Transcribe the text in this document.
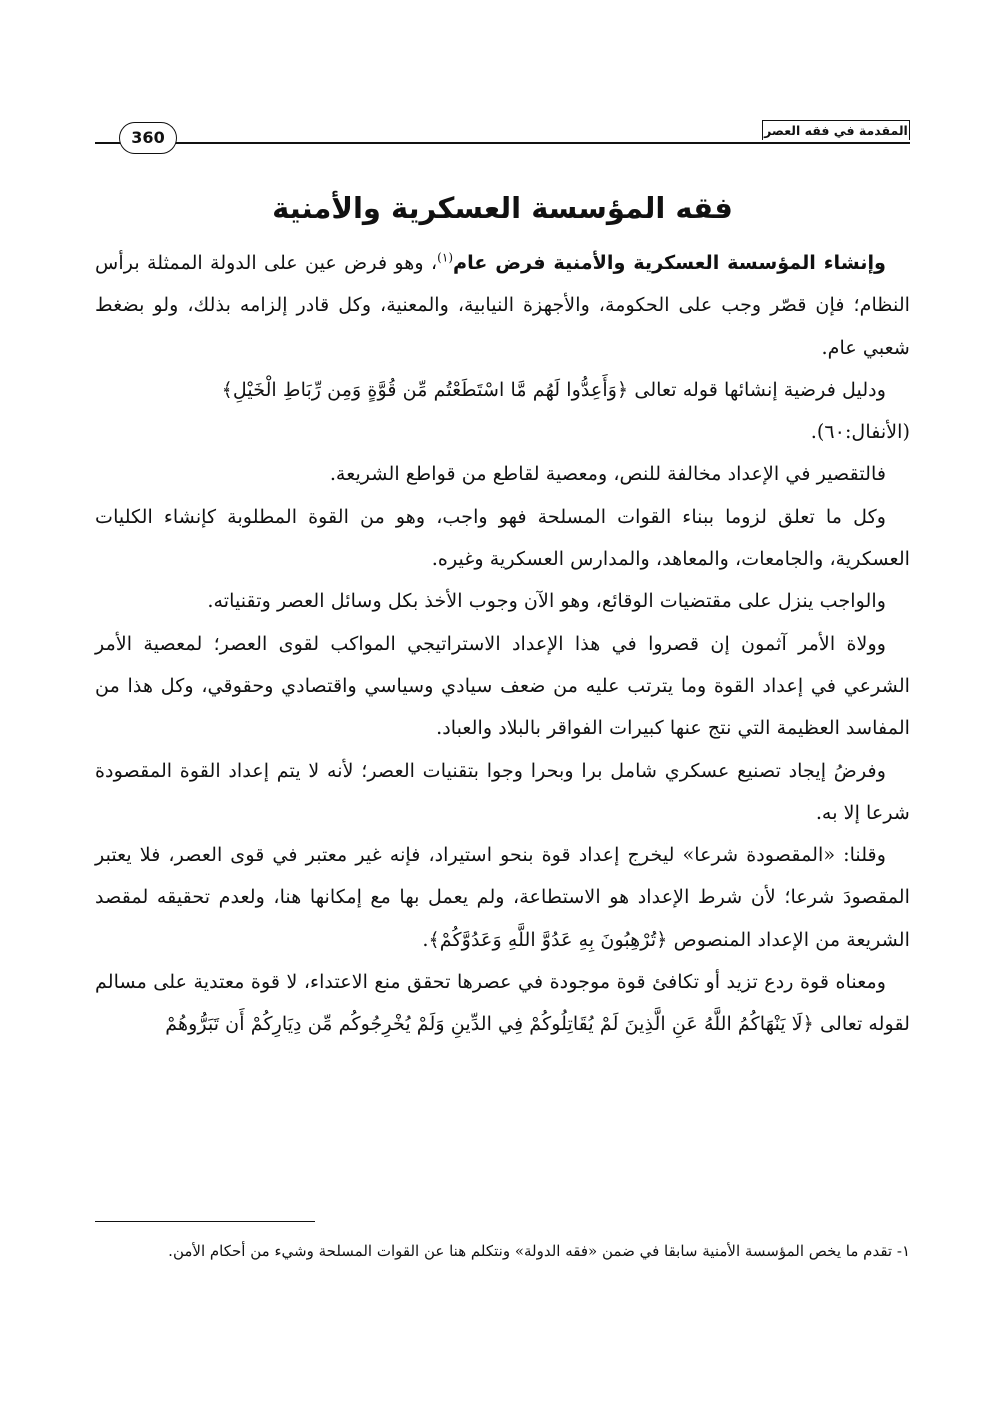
المقدمة في فقه العصر
360
فقه المؤسسة العسكرية والأمنية

وإنشاء المؤسسة العسكرية والأمنية فرض عام$^{(١)}$، وهو فرض عين على الدولة الممثلة برأس النظام؛ فإن قصّر وجب على الحكومة، والأجهزة النيابية، والمعنية، وكل قادر إلزامه بذلك، ولو بضغط شعبي عام.

ودليل فرضية إنشائها قوله تعالى ﴿وَأَعِدُّوا لَهُم مَّا اسْتَطَعْتُم مِّن قُوَّةٍ وَمِن رِّبَاطِ الْخَيْلِ﴾
(الأنفال:٦٠).

فالتقصير في الإعداد مخالفة للنص، ومعصية لقاطع من قواطع الشريعة.

وكل ما تعلق لزوما ببناء القوات المسلحة فهو واجب، وهو من القوة المطلوبة كإنشاء الكليات العسكرية، والجامعات، والمعاهد، والمدارس العسكرية وغيره.

والواجب ينزل على مقتضيات الوقائع، وهو الآن وجوب الأخذ بكل وسائل العصر وتقنياته.

وولاة الأمر آثمون إن قصروا في هذا الإعداد الاستراتيجي المواكب لقوى العصر؛ لمعصية الأمر الشرعي في إعداد القوة وما يترتب عليه من ضعف سيادي وسياسي واقتصادي وحقوقي، وكل هذا من المفاسد العظيمة التي نتج عنها كبيرات الفواقر بالبلاد والعباد.

وفرضُ إيجاد تصنيع عسكري شامل برا وبحرا وجوا بتقنيات العصر؛ لأنه لا يتم إعداد القوة المقصودة شرعا إلا به.

وقلنا: «المقصودة شرعا» ليخرج إعداد قوة بنحو استيراد، فإنه غير معتبر في قوى العصر، فلا يعتبر المقصودَ شرعا؛ لأن شرط الإعداد هو الاستطاعة، ولم يعمل بها مع إمكانها هنا، ولعدم تحقيقه لمقصد الشريعة من الإعداد المنصوص ﴿تُرْهِبُونَ بِهِ عَدُوَّ اللَّهِ وَعَدُوَّكُمْ﴾.

ومعناه قوة ردع تزيد أو تكافئ قوة موجودة في عصرها تحقق منع الاعتداء، لا قوة معتدية على مسالم لقوله تعالى ﴿لَا يَنْهَاكُمُ اللَّهُ عَنِ الَّذِينَ لَمْ يُقَاتِلُوكُمْ فِي الدِّينِ وَلَمْ يُخْرِجُوكُم مِّن دِيَارِكُمْ أَن تَبَرُّوهُمْ

١- تقدم ما يخص المؤسسة الأمنية سابقا في ضمن «فقه الدولة» ونتكلم هنا عن القوات المسلحة وشيء من أحكام الأمن.
